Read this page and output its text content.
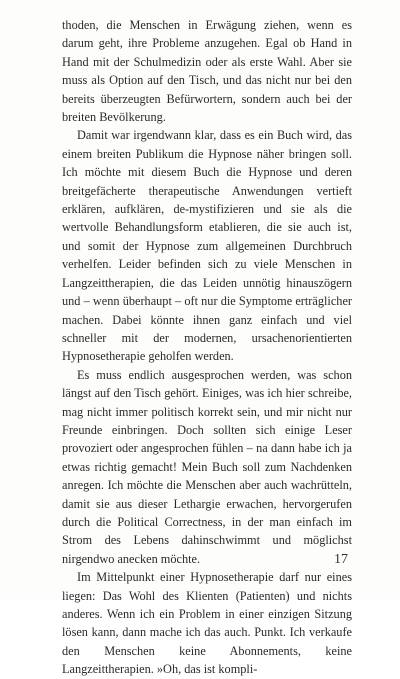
thoden, die Menschen in Erwägung ziehen, wenn es darum geht, ihre Probleme anzugehen. Egal ob Hand in Hand mit der Schulmedizin oder als erste Wahl. Aber sie muss als Option auf den Tisch, und das nicht nur bei den bereits überzeugten Befürwortern, sondern auch bei der breiten Bevölkerung.

Damit war irgendwann klar, dass es ein Buch wird, das einem breiten Publikum die Hypnose näher bringen soll. Ich möchte mit diesem Buch die Hypnose und deren breitgefächerte therapeutische Anwendungen vertieft erklären, aufklären, de-mystifizieren und sie als die wertvolle Behandlungsform etablieren, die sie auch ist, und somit der Hypnose zum allgemeinen Durchbruch verhelfen. Leider befinden sich zu viele Menschen in Langzeittherapien, die das Leiden unnötig hinauszögern und – wenn überhaupt – oft nur die Symptome erträglicher machen. Dabei könnte ihnen ganz einfach und viel schneller mit der modernen, ursachenorientierten Hypnosetherapie geholfen werden.

Es muss endlich ausgesprochen werden, was schon längst auf den Tisch gehört. Einiges, was ich hier schreibe, mag nicht immer politisch korrekt sein, und mir nicht nur Freunde einbringen. Doch sollten sich einige Leser provoziert oder angesprochen fühlen – na dann habe ich ja etwas richtig gemacht! Mein Buch soll zum Nachdenken anregen. Ich möchte die Menschen aber auch wachrütteln, damit sie aus dieser Lethargie erwachen, hervorgerufen durch die Political Correctness, in der man einfach im Strom des Lebens dahinschwimmt und möglichst nirgendwo anecken möchte.

Im Mittelpunkt einer Hypnosetherapie darf nur eines liegen: Das Wohl des Klienten (Patienten) und nichts anderes. Wenn ich ein Problem in einer einzigen Sitzung lösen kann, dann mache ich das auch. Punkt. Ich verkaufe den Menschen keine Abonnements, keine Langzeittherapien. »Oh, das ist kompli-

17
